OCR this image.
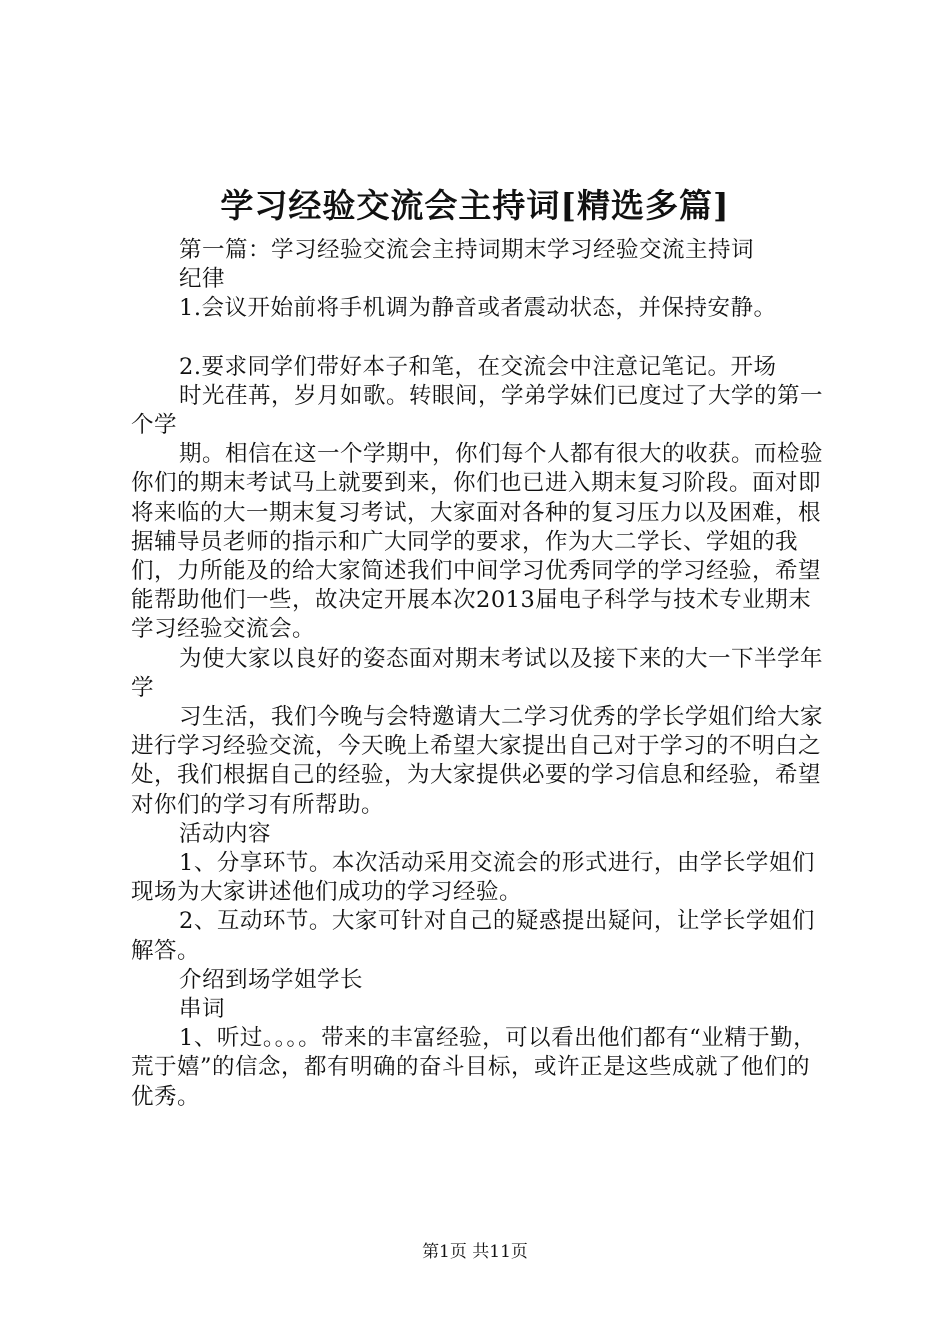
学习经验交流会主持词[精选多篇]

第一篇：学习经验交流会主持词期末学习经验交流主持词

纪律

1.会议开始前将手机调为静音或者震动状态，并保持安静。

2.要求同学们带好本子和笔，在交流会中注意记笔记。开场

时光荏苒，岁月如歌。转眼间，学弟学妹们已度过了大学的第一个学

期。相信在这一个学期中，你们每个人都有很大的收获。而检验你们的期末考试马上就要到来，你们也已进入期末复习阶段。面对即将来临的大一期末复习考试，大家面对各种的复习压力以及困难，根据辅导员老师的指示和广大同学的要求，作为大二学长、学姐的我们，力所能及的给大家简述我们中间学习优秀同学的学习经验，希望能帮助他们一些，故决定开展本次2013届电子科学与技术专业期末学习经验交流会。

为使大家以良好的姿态面对期末考试以及接下来的大一下半学年学

习生活，我们今晚与会特邀请大二学习优秀的学长学姐们给大家进行学习经验交流，今天晚上希望大家提出自己对于学习的不明白之处，我们根据自己的经验，为大家提供必要的学习信息和经验，希望对你们的学习有所帮助。

活动内容

1、分享环节。本次活动采用交流会的形式进行，由学长学姐们现场为大家讲述他们成功的学习经验。

2、互动环节。大家可针对自己的疑惑提出疑问，让学长学姐们解答。

介绍到场学姐学长

串词

1、听过。。。。带来的丰富经验，可以看出他们都有“业精于勤，荒于嬉”的信念，都有明确的奋斗目标，或许正是这些成就了他们的优秀。

第1页 共11页
